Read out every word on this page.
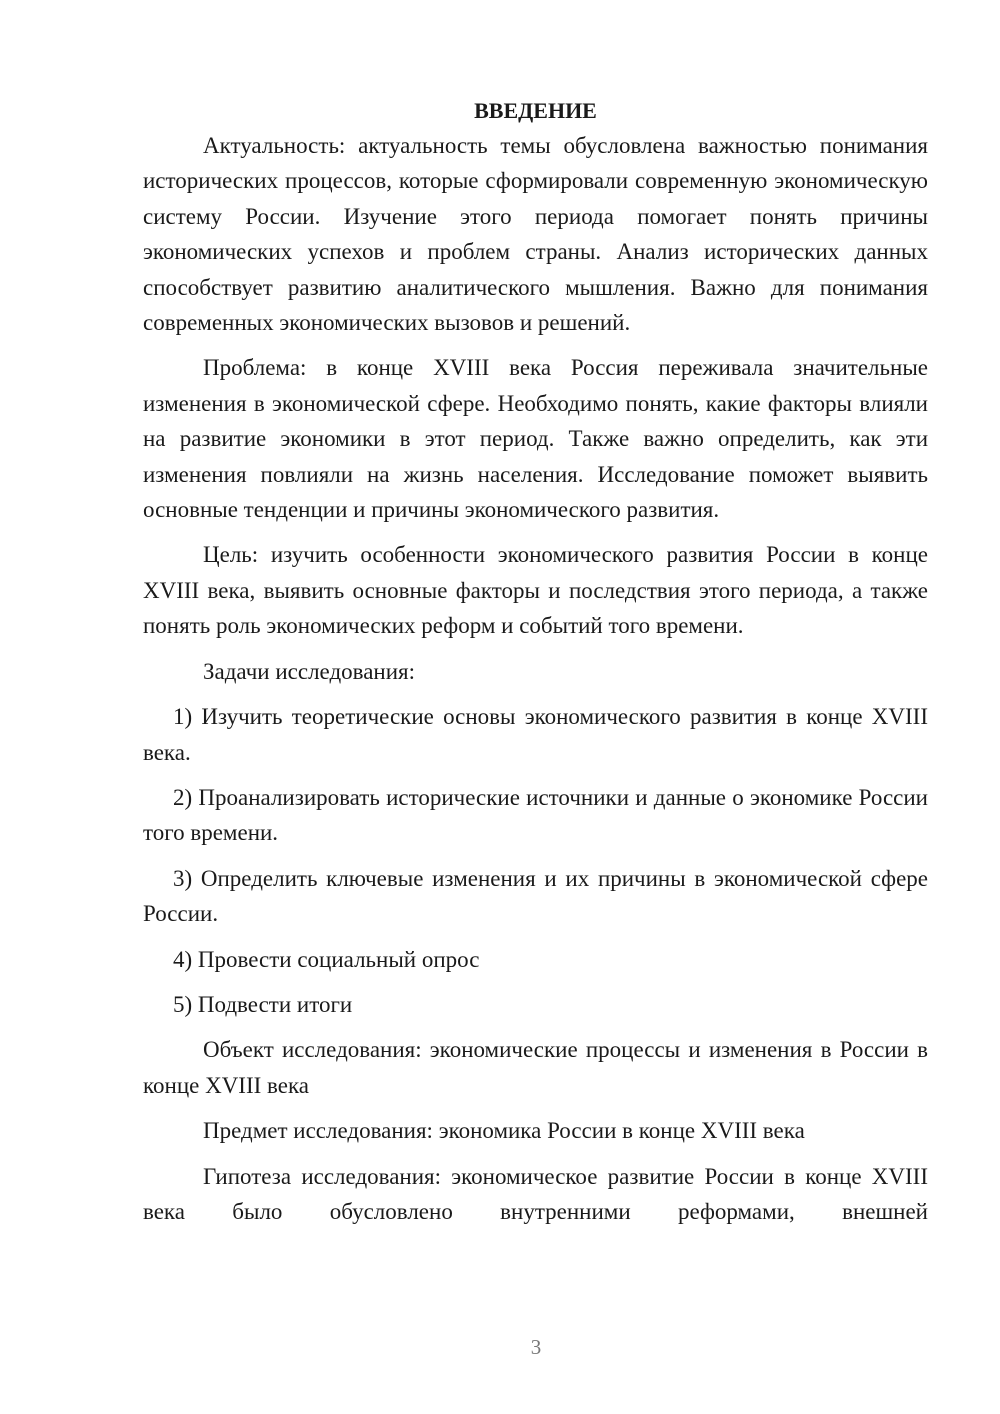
ВВЕДЕНИЕ

Актуальность: актуальность темы обусловлена важностью понимания исторических процессов, которые сформировали современную экономическую систему России. Изучение этого периода помогает понять причины экономических успехов и проблем страны. Анализ исторических данных способствует развитию аналитического мышления. Важно для понимания современных экономических вызовов и решений.

Проблема: в конце XVIII века Россия переживала значительные изменения в экономической сфере. Необходимо понять, какие факторы влияли на развитие экономики в этот период. Также важно определить, как эти изменения повлияли на жизнь населения. Исследование поможет выявить основные тенденции и причины экономического развития.

Цель: изучить особенности экономического развития России в конце XVIII века, выявить основные факторы и последствия этого периода, а также понять роль экономических реформ и событий того времени.

Задачи исследования:

1) Изучить теоретические основы экономического развития в конце XVIII века.

2) Проанализировать исторические источники и данные о экономике России того времени.

3) Определить ключевые изменения и их причины в экономической сфере России.

4) Провести социальный опрос

5) Подвести итоги

Объект исследования: экономические процессы и изменения в России в конце XVIII века

Предмет исследования: экономика России в конце XVIII века

Гипотеза исследования: экономическое развитие России в конце XVIII века было обусловлено внутренними реформами, внешней

3
